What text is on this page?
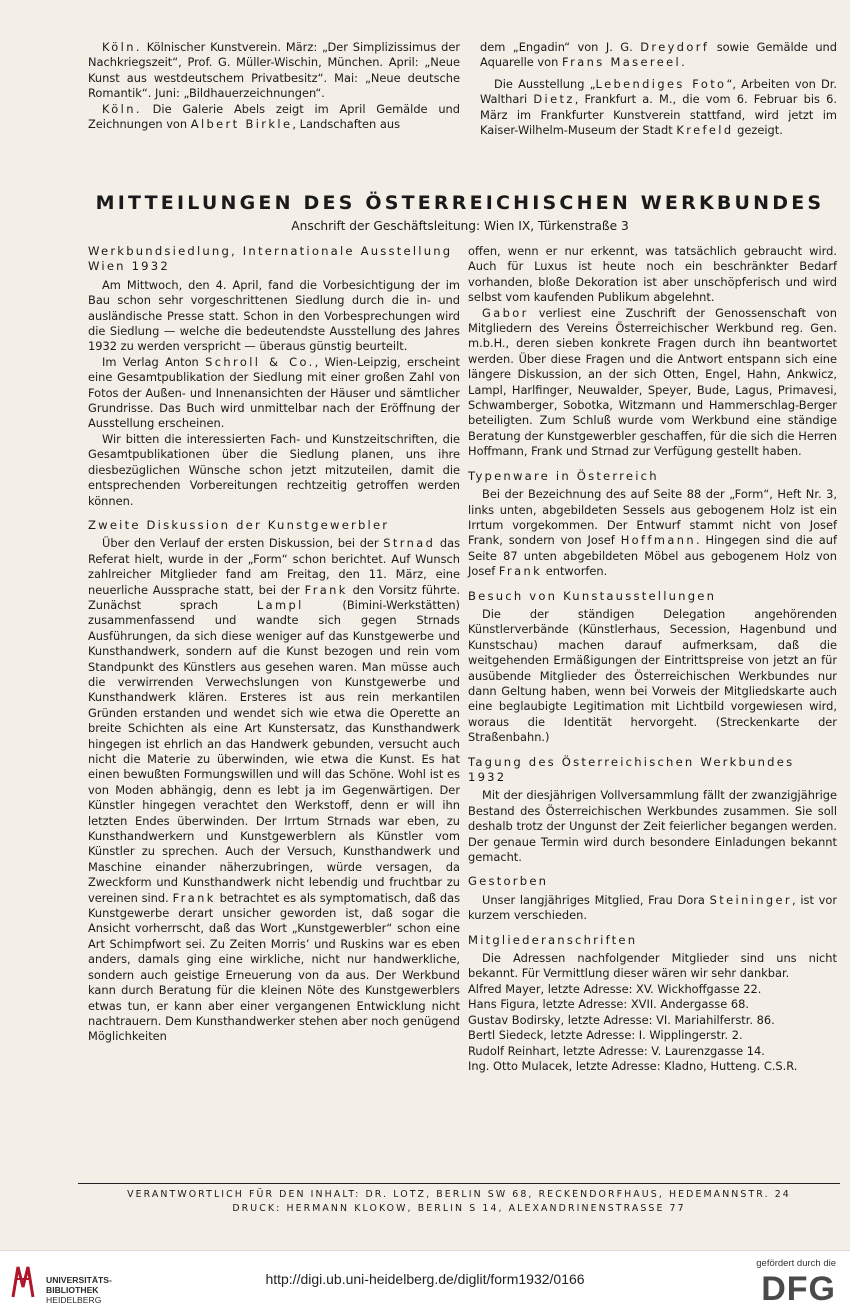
Köln. Kölnischer Kunstverein. März: „Der Simplizissimus der Nachkriegszeit“, Prof. G. Müller-Wischin, München. April: „Neue Kunst aus westdeutschem Privatbesitz“. Mai: „Neue deutsche Romantik“. Juni: „Bildhauerzeichnungen“.

Köln. Die Galerie Abels zeigt im April Gemälde und Zeichnungen von Albert Birkle, Landschaften aus

dem „Engadin“ von J. G. Dreydorf sowie Gemälde und Aquarelle von Frans Masereel.

Die Ausstellung „Lebendiges Foto“, Arbeiten von Dr. Walthari Dietz, Frankfurt a. M., die vom 6. Februar bis 6. März im Frankfurter Kunstverein stattfand, wird jetzt im Kaiser-Wilhelm-Museum der Stadt Krefeld gezeigt.

MITTEILUNGEN DES ÖSTERREICHISCHEN WERKBUNDES
Anschrift der Geschäftsleitung: Wien IX, Türkenstraße 3
Werkbundsiedlung, Internationale Ausstellung Wien 1932

Am Mittwoch, den 4. April, fand die Vorbesichtigung der im Bau schon sehr vorgeschrittenen Siedlung durch die in- und ausländische Presse statt. Schon in den Vorbesprechungen wird die Siedlung — welche die bedeutendste Ausstellung des Jahres 1932 zu werden verspricht — überaus günstig beurteilt.

Im Verlag Anton Schroll & Co., Wien-Leipzig, erscheint eine Gesamtpublikation der Siedlung mit einer großen Zahl von Fotos der Außen- und Innenansichten der Häuser und sämtlicher Grundrisse. Das Buch wird unmittelbar nach der Eröffnung der Ausstellung erscheinen.

Wir bitten die interessierten Fach- und Kunstzeitschriften, die Gesamtpublikationen über die Siedlung planen, uns ihre diesbezüglichen Wünsche schon jetzt mitzuteilen, damit die entsprechenden Vorbereitungen rechtzeitig getroffen werden können.

Zweite Diskussion der Kunstgewerbler

Über den Verlauf der ersten Diskussion, bei der Strnad das Referat hielt, wurde in der „Form“ schon berichtet. Auf Wunsch zahlreicher Mitglieder fand am Freitag, den 11. März, eine neuerliche Aussprache statt, bei der Frank den Vorsitz führte. Zunächst sprach	Lampl	(Bimini-Werkstätten) zusammenfassend und wandte sich gegen Strnads Ausführungen, da sich diese weniger auf das Kunstgewerbe und Kunsthandwerk, sondern auf die Kunst bezogen und rein vom Standpunkt des Künstlers aus gesehen waren. Man müsse auch die verwirrenden Verwechslungen von Kunstgewerbe und Kunsthandwerk klären. Ersteres ist aus rein merkantilen Gründen erstanden und wendet sich wie etwa die Operette an breite Schichten als eine Art Kunstersatz, das Kunsthandwerk hingegen ist ehrlich an das Handwerk gebunden, versucht auch nicht die Materie zu überwinden, wie etwa die Kunst. Es hat einen bewußten Formungswillen und will das Schöne. Wohl ist es von Moden abhängig, denn es lebt ja im Gegenwärtigen. Der Künstler hingegen verachtet den Werkstoff, denn er will ihn letzten Endes überwinden. Der Irrtum Strnads war eben, zu Kunsthandwerkern und Kunstgewerblern als Künstler vom Künstler zu sprechen. Auch der Versuch, Kunsthandwerk und Maschine einander näherzubringen, würde versagen, da Zweckform und Kunsthandwerk nicht lebendig und fruchtbar zu vereinen sind. Frank betrachtet es als symptomatisch, daß das Kunstgewerbe derart unsicher geworden ist, daß sogar die Ansicht vorherrscht, daß das Wort „Kunstgewerbler“ schon eine Art Schimpfwort sei. Zu Zeiten Morris’ und Ruskins war es eben anders, damals ging eine wirkliche, nicht nur handwerkliche, sondern auch geistige Erneuerung von da aus. Der Werkbund kann durch Beratung für die kleinen Nöte des Kunstgewerblers etwas tun, er kann aber einer vergangenen Entwicklung nicht nachtrauern. Dem Kunsthandwerker stehen aber noch genügend Möglichkeiten

offen, wenn er nur erkennt, was tatsächlich gebraucht wird. Auch für Luxus ist heute noch ein beschränkter Bedarf vorhanden, bloße Dekoration ist aber unschöpferisch und wird selbst vom kaufenden Publikum abgelehnt.

Gabor verliest eine Zuschrift der Genossenschaft von Mitgliedern des Vereins Österreichischer Werkbund reg. Gen. m.b.H., deren sieben konkrete Fragen durch ihn beantwortet werden. Über diese Fragen und die Antwort entspann sich eine längere Diskussion, an der sich Otten, Engel, Hahn, Ankwicz, Lampl, Harlfinger, Neuwalder, Speyer, Bude, Lagus, Primavesi, Schwamberger, Sobotka, Witzmann und Hammerschlag-Berger beteiligten. Zum Schluß wurde vom Werkbund eine ständige Beratung der Kunstgewerbler geschaffen, für die sich die Herren Hoffmann, Frank und Strnad zur Verfügung gestellt haben.

Typenware in Österreich

Bei der Bezeichnung des auf Seite 88 der „Form“, Heft Nr. 3, links unten, abgebildeten Sessels aus gebogenem Holz ist ein Irrtum vorgekommen. Der Entwurf stammt nicht von Josef Frank, sondern von Josef Hoffmann. Hingegen sind die auf Seite 87 unten abgebildeten Möbel aus gebogenem Holz von Josef Frank entworfen.

Besuch von Kunstausstellungen

Die der ständigen Delegation angehörenden Künstlerverbände (Künstlerhaus, Secession, Hagenbund und Kunstschau) machen darauf aufmerksam, daß die weitgehenden Ermäßigungen der Eintrittspreise von jetzt an für ausübende Mitglieder des Österreichischen Werkbundes nur dann Geltung haben, wenn bei Vorweis der Mitgliedskarte auch eine beglaubigte Legitimation mit Lichtbild vorgewiesen wird, woraus die Identität hervorgeht. (Streckenkarte der Straßenbahn.)

Tagung des Österreichischen Werkbundes 1932

Mit der diesjährigen Vollversammlung fällt der zwanzigjährige Bestand des Österreichischen Werkbundes zusammen. Sie soll deshalb trotz der Ungunst der Zeit feierlicher begangen werden. Der genaue Termin wird durch besondere Einladungen bekannt gemacht.

Gestorben

Unser langjähriges Mitglied, Frau Dora Steininger, ist vor kurzem verschieden.

Mitgliederanschriften

Die Adressen nachfolgender Mitglieder sind uns nicht bekannt. Für Vermittlung dieser wären wir sehr dankbar.

Alfred Mayer, letzte Adresse: XV. Wickhoffgasse 22.
Hans Figura, letzte Adresse: XVII. Andergasse 68.
Gustav Bodirsky, letzte Adresse: VI. Mariahilferstr. 86.
Bertl Siedeck, letzte Adresse: I. Wipplingerstr. 2.
Rudolf Reinhart, letzte Adresse: V. Laurenzgasse 14.
Ing. Otto Mulacek, letzte Adresse: Kladno, Hutteng. C.S.R.
VERANTWORTLICH FÜR DEN INHALT: DR. LOTZ, BERLIN SW 68, RECKENDORFHAUS, HEDEMANNSTR. 24
DRUCK: HERMANN KLOKOW, BERLIN S 14, ALEXANDRINENSTRASSE 77
UNIVERSITÄTS-
BIBLIOTHEK
HEIDELBERG
http://digi.ub.uni-heidelberg.de/diglit/form1932/0166
gefördert durch die
DFG
